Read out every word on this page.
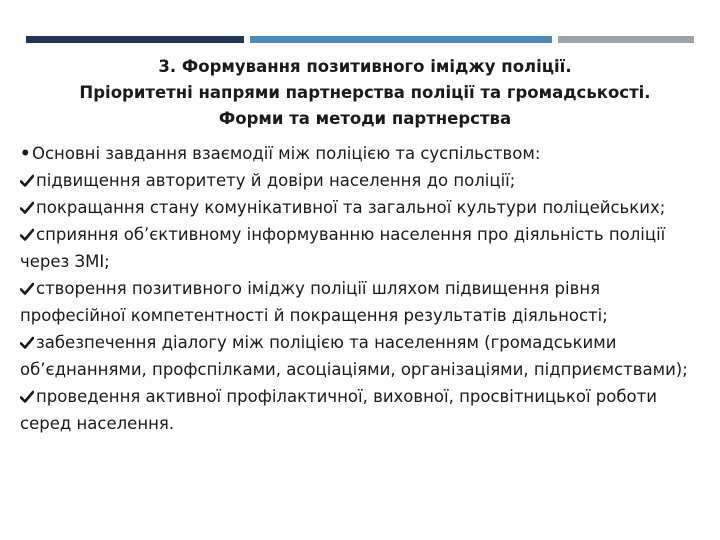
3. Формування позитивного іміджу поліції.
Пріоритетні напрями партнерства поліції та громадськості.
Форми та методи партнерства
•Основні завдання взаємодії між поліцією та суспільством:
підвищення авторитету й довіри населення до поліції;
покращання стану комунікативної та загальної культури поліцейських;
сприяння об’єктивному інформуванню населення про діяльність поліції через ЗМІ;
створення позитивного іміджу поліції шляхом підвищення рівня професійної компетентності й покращення результатів діяльності;
забезпечення діалогу між поліцією та населенням (громадськими об’єднаннями, профспілками, асоціаціями, організаціями, підприємствами);
проведення активної профілактичної, виховної, просвітницької роботи серед населення.
